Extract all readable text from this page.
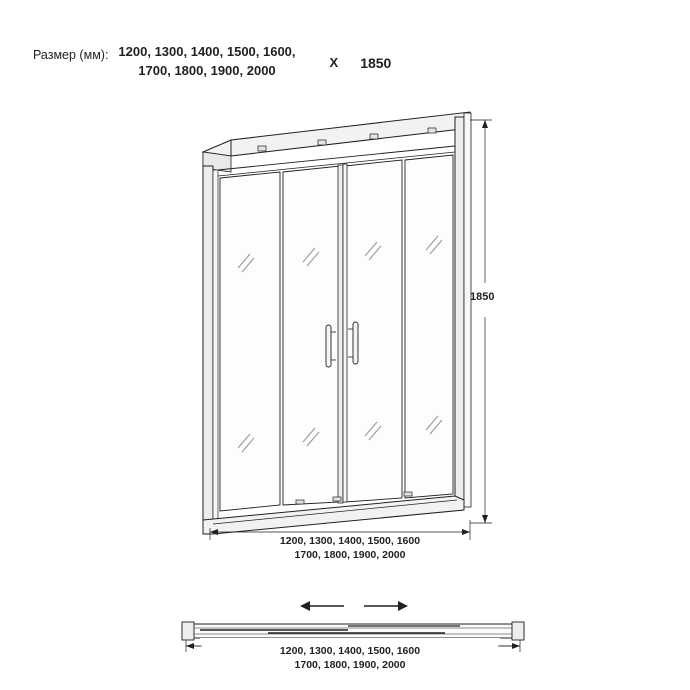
Размер (мм): 1200, 1300, 1400, 1500, 1600,
1700, 1800, 1900, 2000
X 1850
1200, 1300, 1400, 1500, 1600
1700, 1800, 1900, 2000
1850
1200, 1300, 1400, 1500, 1600
1700, 1800, 1900, 2000
